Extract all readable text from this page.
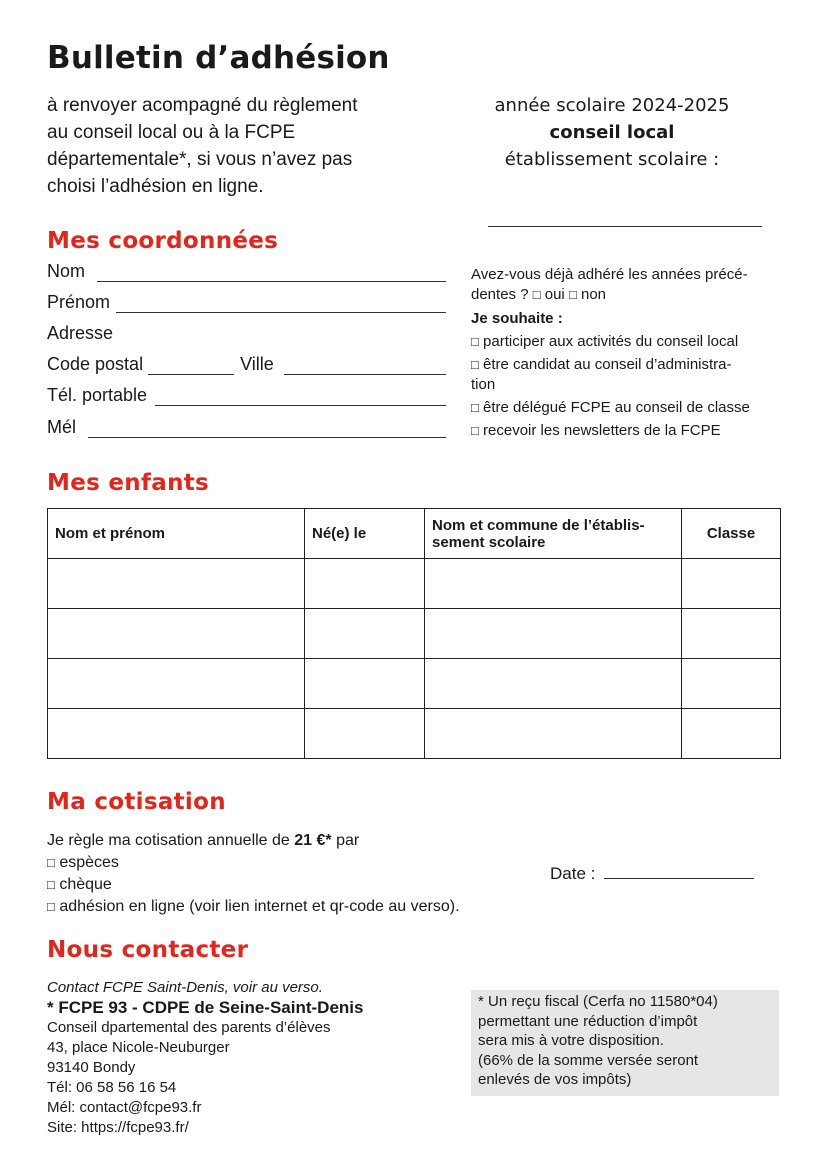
Bulletin d’adhésion
à renvoyer acompagné du règlement
au conseil local ou à la FCPE
départementale*, si vous n’avez pas
choisi l’adhésion en ligne.
année scolaire 2024-2025
conseil local
établissement scolaire :
Mes coordonnées
Nom
Prénom
Adresse
Code postal	Ville
Tél. portable
Mél
Avez-vous déjà adhéré les années précé-
dentes ? □ oui □ non
Je souhaite :
□ participer aux activités du conseil local
□ être candidat au conseil d’administra-
tion
□ être délégué FCPE au conseil de classe
□ recevoir les newsletters de la FCPE
Mes enfants
Nom et prénom	Né(e) le	Nom et commune de l’établis- sement scolaire	Classe

Ma cotisation
Je règle ma cotisation annuelle de 21 €* par
□ espèces
□ chèque
□ adhésion en ligne (voir lien internet et qr-code au verso).
Date :
Nous contacter
Contact FCPE Saint-Denis, voir au verso.
* FCPE 93 - CDPE de Seine-Saint-Denis
Conseil dpartemental des parents d’élèves
43, place Nicole-Neuburger
93140 Bondy
Tél: 06 58 56 16 54
Mél: contact@fcpe93.fr
Site: https://fcpe93.fr/
* Un reçu fiscal (Cerfa no 11580*04)
permettant une réduction d’impôt
sera mis à votre disposition.
(66% de la somme versée seront
enlevés de vos impôts)
